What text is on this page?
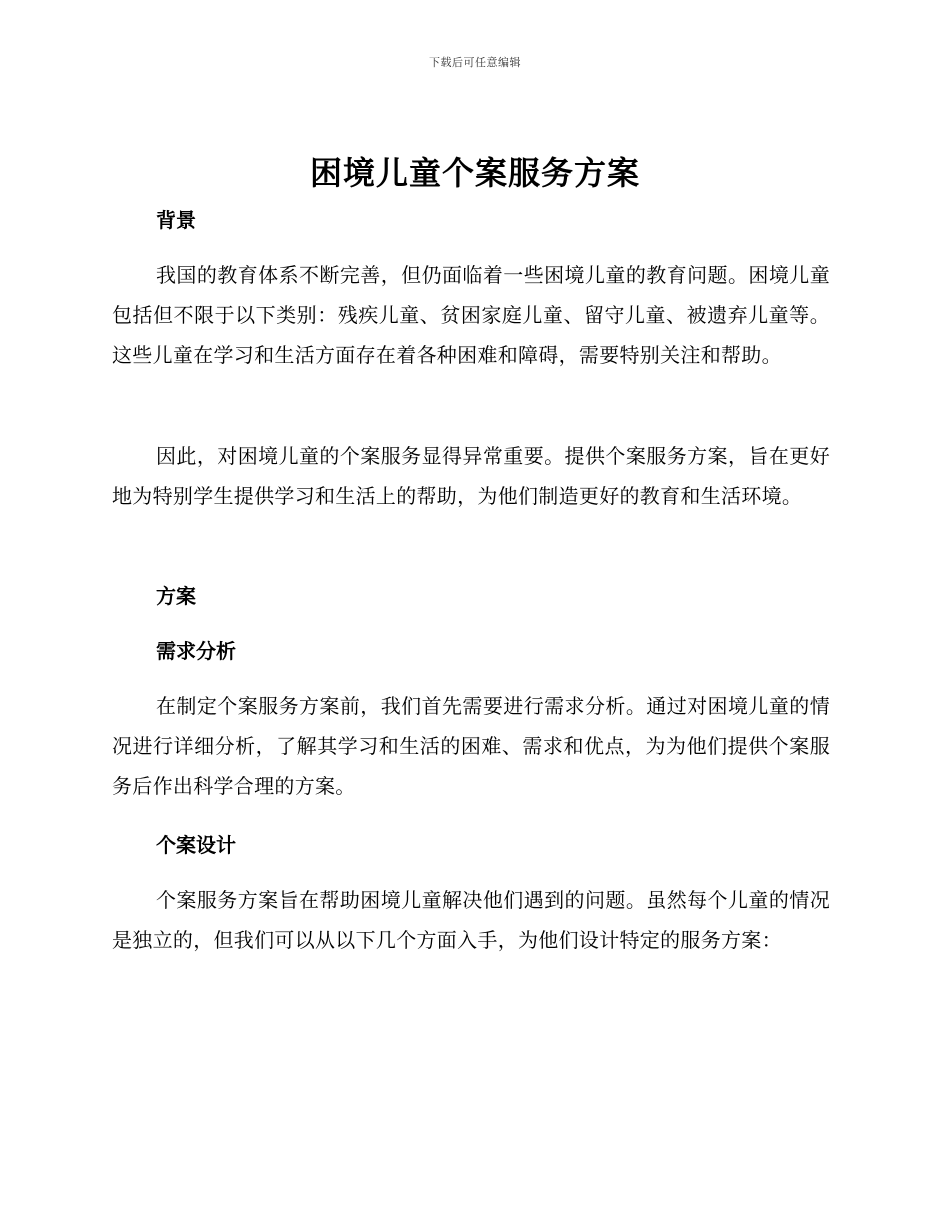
下载后可任意编辑
困境儿童个案服务方案
背景
我国的教育体系不断完善，但仍面临着一些困境儿童的教育问题。困境儿童包括但不限于以下类别：残疾儿童、贫困家庭儿童、留守儿童、被遗弃儿童等。这些儿童在学习和生活方面存在着各种困难和障碍，需要特别关注和帮助。
因此，对困境儿童的个案服务显得异常重要。提供个案服务方案，旨在更好地为特别学生提供学习和生活上的帮助，为他们制造更好的教育和生活环境。
方案
需求分析
在制定个案服务方案前，我们首先需要进行需求分析。通过对困境儿童的情况进行详细分析，了解其学习和生活的困难、需求和优点，为为他们提供个案服务后作出科学合理的方案。
个案设计
个案服务方案旨在帮助困境儿童解决他们遇到的问题。虽然每个儿童的情况是独立的，但我们可以从以下几个方面入手，为他们设计特定的服务方案：
